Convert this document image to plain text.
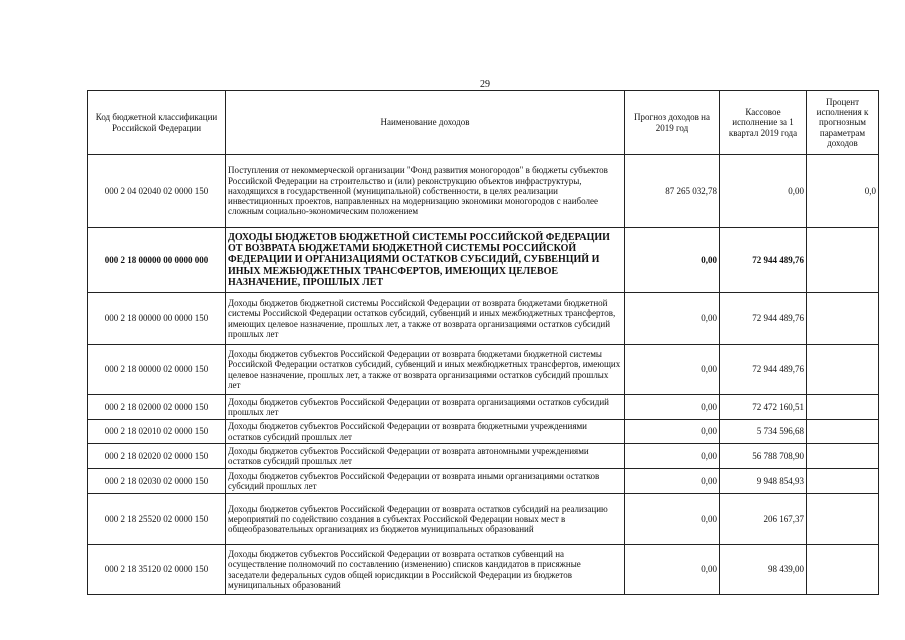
29
Код бюджетной классификации Российской Федерации	Наименование доходов	Прогноз доходов на 2019 год	Кассовое исполнение за 1 квартал 2019 года	Процент исполнения к прогнозным параметрам доходов
000 2 04 02040 02 0000 150	Поступления от некоммерческой организации "Фонд развития моногородов" в бюджеты субъектов Российской Федерации на строительство и (или) реконструкцию объектов инфраструктуры, находящихся в государственной (муниципальной) собственности, в целях реализации инвестиционных проектов, направленных на модернизацию экономики моногородов с наиболее сложным социально-экономическим положением	87 265 032,78	0,00	0,0
000 2 18 00000 00 0000 000	ДОХОДЫ БЮДЖЕТОВ БЮДЖЕТНОЙ СИСТЕМЫ РОССИЙСКОЙ ФЕДЕРАЦИИ ОТ ВОЗВРАТА БЮДЖЕТАМИ БЮДЖЕТНОЙ СИСТЕМЫ РОССИЙСКОЙ ФЕДЕРАЦИИ И ОРГАНИЗАЦИЯМИ ОСТАТКОВ СУБСИДИЙ, СУБВЕНЦИЙ И ИНЫХ МЕЖБЮДЖЕТНЫХ ТРАНСФЕРТОВ, ИМЕЮЩИХ ЦЕЛЕВОЕ НАЗНАЧЕНИЕ, ПРОШЛЫХ ЛЕТ	0,00	72 944 489,76	
000 2 18 00000 00 0000 150	Доходы бюджетов бюджетной системы Российской Федерации от возврата бюджетами бюджетной системы Российской Федерации остатков субсидий, субвенций и иных межбюджетных трансфертов, имеющих целевое назначение, прошлых лет, а также от возврата организациями остатков субсидий прошлых лет	0,00	72 944 489,76	
000 2 18 00000 02 0000 150	Доходы бюджетов субъектов Российской Федерации от возврата бюджетами бюджетной системы Российской Федерации остатков субсидий, субвенций и иных межбюджетных трансфертов, имеющих целевое назначение, прошлых лет, а также от возврата организациями остатков субсидий прошлых лет	0,00	72 944 489,76	
000 2 18 02000 02 0000 150	Доходы бюджетов субъектов Российской Федерации от возврата организациями остатков субсидий прошлых лет	0,00	72 472 160,51	
000 2 18 02010 02 0000 150	Доходы бюджетов субъектов Российской Федерации от возврата бюджетными учреждениями остатков субсидий прошлых лет	0,00	5 734 596,68	
000 2 18 02020 02 0000 150	Доходы бюджетов субъектов Российской Федерации от возврата автономными учреждениями остатков субсидий прошлых лет	0,00	56 788 708,90	
000 2 18 02030 02 0000 150	Доходы бюджетов субъектов Российской Федерации от возврата иными организациями остатков субсидий прошлых лет	0,00	9 948 854,93	
000 2 18 25520 02 0000 150	Доходы бюджетов субъектов Российской Федерации от возврата остатков субсидий на реализацию мероприятий по содействию создания в субъектах Российской Федерации новых мест в общеобразовательных организациях из бюджетов муниципальных образований	0,00	206 167,37	
000 2 18 35120 02 0000 150	Доходы бюджетов субъектов Российской Федерации от возврата остатков субвенций на осуществление полномочий по составлению (изменению) списков кандидатов в присяжные заседатели федеральных судов общей юрисдикции в Российской Федерации из бюджетов муниципальных образований	0,00	98 439,00	
